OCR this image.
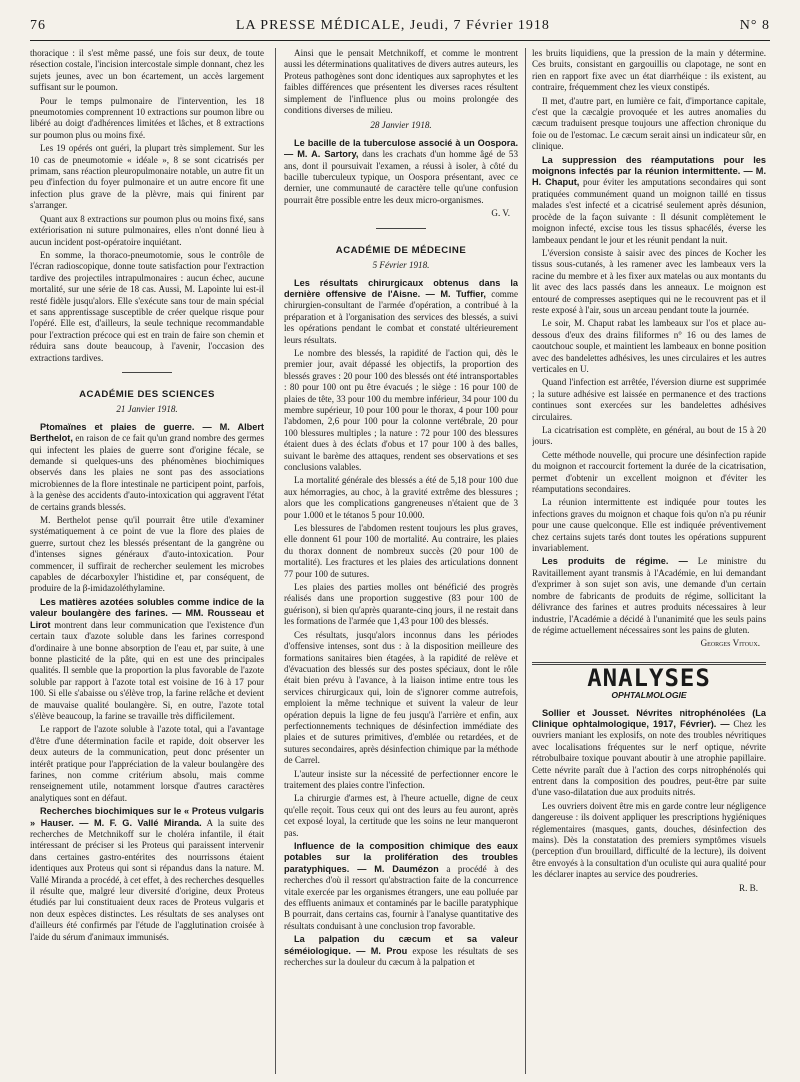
76	LA PRESSE MÉDICALE, Jeudi, 7 Février 1918	N° 8

thoracique : il s'est même passé, une fois sur deux, de toute résection costale, l'incision intercostale simple donnant, chez les sujets jeunes, avec un bon écartement, un accès largement suffisant sur le poumon.

Pour le temps pulmonaire de l'intervention, les 18 pneumotomies comprennent 10 extractions sur poumon libre ou libéré au doigt d'adhérences limitées et lâches, et 8 extractions sur poumon plus ou moins fixé.

Les 19 opérés ont guéri, la plupart très simplement. Sur les 10 cas de pneumotomie « idéale », 8 se sont cicatrisés per primam, sans réaction pleuropulmonaire notable, un autre fit un peu d'infection du foyer pulmonaire et un autre encore fit une infection plus grave de la plèvre, mais qui finirent par s'arranger.

Quant aux 8 extractions sur poumon plus ou moins fixé, sans extériorisation ni suture pulmonaires, elles n'ont donné lieu à aucun incident post-opératoire inquiétant.

En somme, la thoraco-pneumotomie, sous le contrôle de l'écran radioscopique, donne toute satisfaction pour l'extraction tardive des projectiles intrapulmonaires : aucun échec, aucune mortalité, sur une série de 18 cas. Aussi, M. Lapointe lui est-il resté fidèle jusqu'alors. Elle s'exécute sans tour de main spécial et sans apprentissage susceptible de créer quelque risque pour l'opéré. Elle est, d'ailleurs, la seule technique recommandable pour l'extraction précoce qui est en train de faire son chemin et réduira sans doute beaucoup, à l'avenir, l'occasion des extractions tardives.

ACADÉMIE DES SCIENCES
21 Janvier 1918.

Ptomaïnes et plaies de guerre. — M. Albert Berthelot, en raison de ce fait qu'un grand nombre des germes qui infectent les plaies de guerre sont d'origine fécale, se demande si quelques-uns des phénomènes biochimiques observés dans les plaies ne sont pas des associations microbiennes de la flore intestinale ne participent point, parfois, à la genèse des accidents d'auto-intoxication qui aggravent l'état de certains grands blessés.

M. Berthelot pense qu'il pourrait être utile d'examiner systématiquement à ce point de vue la flore des plaies de guerre, surtout chez les blessés présentant de la gangrène ou d'intenses signes généraux d'auto-intoxication. Pour commencer, il suffirait de rechercher seulement les microbes capables de décarboxyler l'histidine et, par conséquent, de produire de la β-imidazoléthylamine.

Les matières azotées solubles comme indice de la valeur boulangère des farines. — MM. Rousseau et Lirot montrent dans leur communication que l'existence d'un certain taux d'azote soluble dans les farines correspond d'ordinaire à une bonne absorption de l'eau et, par suite, à une bonne plasticité de la pâte, qui en est une des principales qualités. Il semble que la proportion la plus favorable de l'azote soluble par rapport à l'azote total est voisine de 16 à 17 pour 100. Si elle s'abaisse ou s'élève trop, la farine relâche et devient de mauvaise qualité boulangère. Si, en outre, l'azote total s'élève beaucoup, la farine se travaille très difficilement.

Le rapport de l'azote soluble à l'azote total, qui a l'avantage d'être d'une détermination facile et rapide, doit observer les deux auteurs de la communication, peut donc présenter un intérêt pratique pour l'appréciation de la valeur boulangère des farines, non comme critérium absolu, mais comme renseignement utile, notamment lorsque d'autres caractères analytiques sont en défaut.

Recherches biochimiques sur le « Proteus vulgaris » Hauser. — M. F. G. Vallé Miranda. A la suite des recherches de Metchnikoff sur le choléra infantile, il était intéressant de préciser si les Proteus qui paraissent intervenir dans certaines gastro-entérites des nourrissons étaient identiques aux Proteus qui sont si répandus dans la nature. M. Vallé Miranda a procédé, à cet effet, à des recherches desquelles il résulte que, malgré leur diversité d'origine, deux Proteus étudiés par lui constituaient deux races de Proteus vulgaris et non deux espèces distinctes. Les résultats de ses analyses ont d'ailleurs été confirmés par l'étude de l'agglutination croisée à l'aide du sérum d'animaux immunisés.

Ainsi que le pensait Metchnikoff, et comme le montrent aussi les déterminations qualitatives de divers autres auteurs, les Proteus pathogènes sont donc identiques aux saprophytes et les faibles différences que présentent les diverses races résultent simplement de l'influence plus ou moins prolongée des conditions diverses de milieu.

28 Janvier 1918.

Le bacille de la tuberculose associé à un Oospora. — M. A. Sartory, dans les crachats d'un homme âgé de 53 ans, dont il poursuivait l'examen, a réussi à isoler, à côté du bacille tuberculeux typique, un Oospora présentant, avec ce dernier, une communauté de caractère telle qu'une confusion pourrait être possible entre les deux micro-organismes.

G. V.
ACADÉMIE DE MÉDECINE
5 Février 1918.

Les résultats chirurgicaux obtenus dans la dernière offensive de l'Aisne. — M. Tuffier, comme chirurgien-consultant de l'armée d'opération, a contribué à la préparation et à l'organisation des services des blessés, a suivi les opérations pendant le combat et constaté ultérieurement leurs résultats.

Le nombre des blessés, la rapidité de l'action qui, dès le premier jour, avait dépassé les objectifs, la proportion des blessés graves : 20 pour 100 des blessés ont été intransportables : 80 pour 100 ont pu être évacués ; le siège : 16 pour 100 de plaies de tête, 33 pour 100 du membre inférieur, 34 pour 100 du membre supérieur, 10 pour 100 pour le thorax, 4 pour 100 pour l'abdomen, 2,6 pour 100 pour la colonne vertébrale, 20 pour 100 blessures multiples ; la nature : 72 pour 100 des blessures étaient dues à des éclats d'obus et 17 pour 100 à des balles, suivant le barème des attaques, rendent ses observations et ses conclusions valables.

La mortalité générale des blessés a été de 5,18 pour 100 due aux hémorragies, au choc, à la gravité extrême des blessures ; alors que les complications gangreneuses n'étaient que de 3 pour 1.000 et le tétanos 5 pour 10.000.

Les blessures de l'abdomen restent toujours les plus graves, elle donnent 61 pour 100 de mortalité. Au contraire, les plaies du thorax donnent de nombreux succès (20 pour 100 de mortalité). Les fractures et les plaies des articulations donnent 77 pour 100 de sutures.

Les plaies des parties molles ont bénéficié des progrès réalisés dans une proportion suggestive (83 pour 100 de guérison), si bien qu'après quarante-cinq jours, il ne restait dans les formations de l'armée que 1,43 pour 100 des blessés.

Ces résultats, jusqu'alors inconnus dans les périodes d'offensive intenses, sont dus : à la disposition meilleure des formations sanitaires bien étagées, à la rapidité de relève et d'évacuation des blessés sur des postes spéciaux, dont le rôle était bien prévu à l'avance, à la liaison intime entre tous les services chirurgicaux qui, loin de s'ignorer comme autrefois, emploient la même technique et suivent la valeur de leur opération depuis la ligne de feu jusqu'à l'arrière et enfin, aux perfectionnements techniques de désinfection immédiate des plaies et de sutures primitives, d'emblée ou retardées, et de sutures secondaires, après désinfection chimique par la méthode de Carrel.

L'auteur insiste sur la nécessité de perfectionner encore le traitement des plaies contre l'infection.

La chirurgie d'armes est, à l'heure actuelle, digne de ceux qu'elle reçoit. Tous ceux qui ont des leurs au feu auront, après cet exposé loyal, la certitude que les soins ne leur manqueront pas.

Influence de la composition chimique des eaux potables sur la prolifération des troubles paratyphiques. — M. Daumézon a procédé à des recherches d'où il ressort qu'abstraction faite de la concurrence vitale exercée par les organismes étrangers, une eau polluée par des effluents animaux et contaminés par le bacille paratyphique B pourrait, dans certains cas, fournir à l'analyse quantitative des résultats conduisant à une conclusion trop favorable.

La palpation du cæcum et sa valeur séméiologique. — M. Prou expose les résultats de ses recherches sur la douleur du cæcum à la palpation et

les bruits liquidiens, que la pression de la main y détermine. Ces bruits, consistant en gargouillis ou clapotage, ne sont en rien en rapport fixe avec un état diarrhéique : ils existent, au contraire, fréquemment chez les vieux constipés.

Il met, d'autre part, en lumière ce fait, d'importance capitale, c'est que la cæcalgie provoquée et les autres anomalies du cæcum traduisent presque toujours une affection chronique du foie ou de l'estomac. Le cæcum serait ainsi un indicateur sûr, en clinique.

La suppression des réamputations pour les moignons infectés par la réunion intermittente. — M. H. Chaput, pour éviter les amputations secondaires qui sont pratiquées communément quand un moignon taillé en tissus malades s'est infecté et a cicatrisé seulement après désunion, procède de la façon suivante : Il désunit complètement le moignon infecté, excise tous les tissus sphacélés, éverse les lambeaux pendant le jour et les réunit pendant la nuit.

L'éversion consiste à saisir avec des pinces de Kocher les tissus sous-cutanés, à les ramener avec les lambeaux vers la racine du membre et à les fixer aux matelas ou aux montants du lit avec des lacs passés dans les anneaux. Le moignon est entouré de compresses aseptiques qui ne le recouvrent pas et il reste exposé à l'air, sous un arceau pendant toute la journée.

Le soir, M. Chaput rabat les lambeaux sur l'os et place au-dessous d'eux des drains filiformes n° 16 ou des lames de caoutchouc souple, et maintient les lambeaux en bonne position avec des bandelettes adhésives, les unes circulaires et les autres verticales en U.

Quand l'infection est arrêtée, l'éversion diurne est supprimée ; la suture adhésive est laissée en permanence et des tractions continues sont exercées sur les bandelettes adhésives circulaires.

La cicatrisation est complète, en général, au bout de 15 à 20 jours.

Cette méthode nouvelle, qui procure une désinfection rapide du moignon et raccourcit fortement la durée de la cicatrisation, permet d'obtenir un excellent moignon et d'éviter les réamputations secondaires.

La réunion intermittente est indiquée pour toutes les infections graves du moignon et chaque fois qu'on n'a pu réunir pour une cause quelconque. Elle est indiquée préventivement chez certains sujets tarés dont toutes les opérations suppurent invariablement.

Les produits de régime. — Le ministre du Ravitaillement ayant transmis à l'Académie, en lui demandant d'exprimer à son sujet son avis, une demande d'un certain nombre de fabricants de produits de régime, sollicitant la délivrance des farines et autres produits nécessaires à leur industrie, l'Académie a décidé à l'unanimité que les seuls pains de régime actuellement nécessaires sont les pains de gluten.

Georges Vitoux.
ANALYSES
OPHTALMOLOGIE

Sollier et Jousset. Névrites nitrophénolées (La Clinique ophtalmologique, 1917, Février). — Chez les ouvriers maniant les explosifs, on note des troubles névritiques avec localisations fréquentes sur le nerf optique, névrite rétrobulbaire toxique pouvant aboutir à une atrophie papillaire. Cette névrite paraît due à l'action des corps nitrophénolés qui entrent dans la composition des poudres, peut-être par suite d'une vaso-dilatation due aux produits nitrés.

Les ouvriers doivent être mis en garde contre leur négligence dangereuse : ils doivent appliquer les prescriptions hygiéniques réglementaires (masques, gants, douches, désinfection des mains). Dès la constatation des premiers symptômes visuels (perception d'un brouillard, difficulté de la lecture), ils doivent être envoyés à la consultation d'un oculiste qui aura qualité pour les déclarer inaptes au service des poudreries.

R. B.
